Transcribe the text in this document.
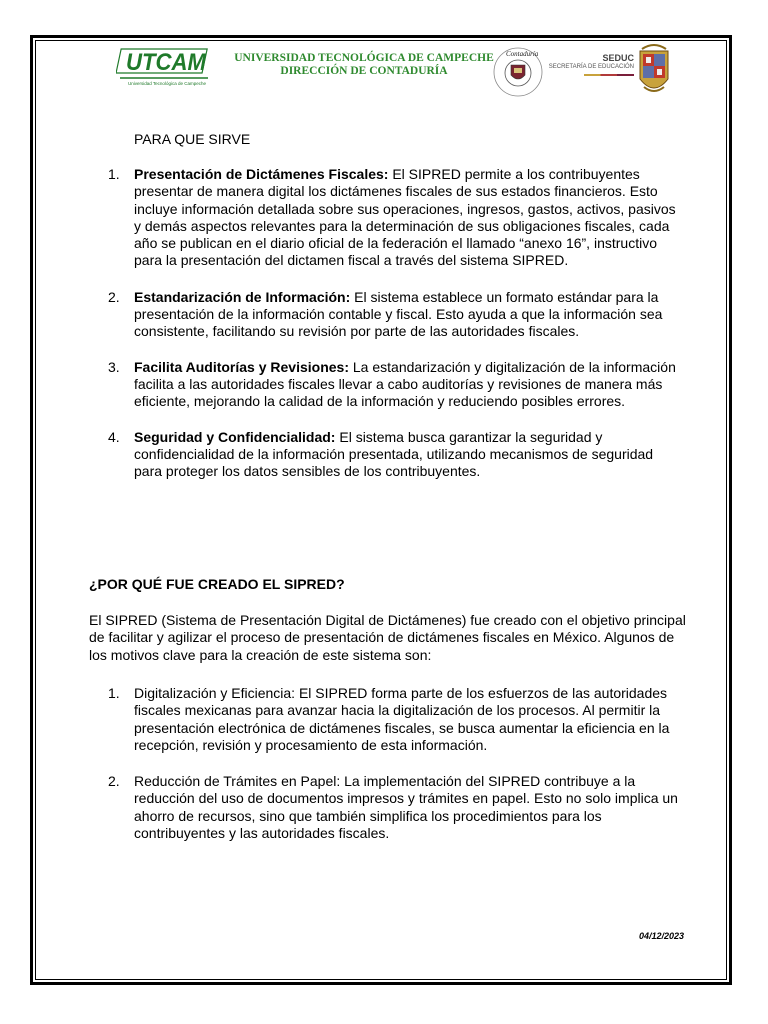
UTCAM
Universidad Tecnológica de Campeche
UNIVERSIDAD TECNOLÓGICA DE CAMPECHE
DIRECCIÓN DE CONTADURÍA
Contaduría	SEDUC
SECRETARÍA DE EDUCACIÓN
PARA QUE SIRVE
1. Presentación de Dictámenes Fiscales: El SIPRED permite a los contribuyentes presentar de manera digital los dictámenes fiscales de sus estados financieros. Esto incluye información detallada sobre sus operaciones, ingresos, gastos, activos, pasivos y demás aspectos relevantes para la determinación de sus obligaciones fiscales, cada año se publican en el diario oficial de la federación el llamado “anexo 16”, instructivo para la presentación del dictamen fiscal a través del sistema SIPRED.
2. Estandarización de Información: El sistema establece un formato estándar para la presentación de la información contable y fiscal. Esto ayuda a que la información sea consistente, facilitando su revisión por parte de las autoridades fiscales.
3. Facilita Auditorías y Revisiones: La estandarización y digitalización de la información facilita a las autoridades fiscales llevar a cabo auditorías y revisiones de manera más eficiente, mejorando la calidad de la información y reduciendo posibles errores.
4. Seguridad y Confidencialidad: El sistema busca garantizar la seguridad y confidencialidad de la información presentada, utilizando mecanismos de seguridad para proteger los datos sensibles de los contribuyentes.
¿POR QUÉ FUE CREADO EL SIPRED?

El SIPRED (Sistema de Presentación Digital de Dictámenes) fue creado con el objetivo principal de facilitar y agilizar el proceso de presentación de dictámenes fiscales en México. Algunos de los motivos clave para la creación de este sistema son:

1. Digitalización y Eficiencia: El SIPRED forma parte de los esfuerzos de las autoridades fiscales mexicanas para avanzar hacia la digitalización de los procesos. Al permitir la presentación electrónica de dictámenes fiscales, se busca aumentar la eficiencia en la recepción, revisión y procesamiento de esta información.
2. Reducción de Trámites en Papel: La implementación del SIPRED contribuye a la reducción del uso de documentos impresos y trámites en papel. Esto no solo implica un ahorro de recursos, sino que también simplifica los procedimientos para los contribuyentes y las autoridades fiscales.
04/12/2023
